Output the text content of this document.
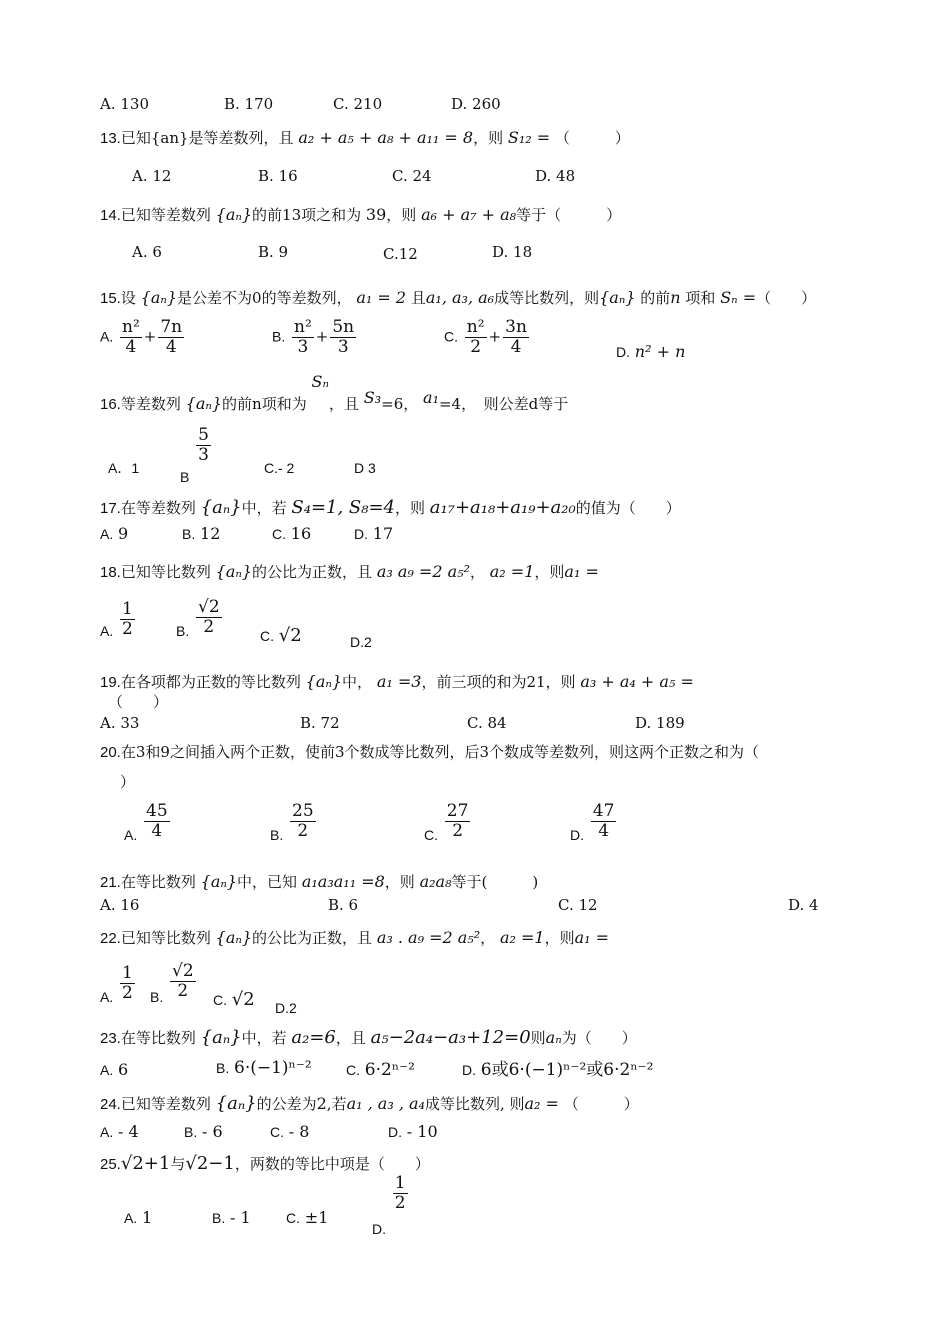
A. 130	B. 170	C. 210	D. 260
13.已知{an}是等差数列，且 a₂ + a₅ + a₈ + a₁₁ = 8，则 S₁₂ = （　　　）
A. 12	B. 16	C. 24	D. 48
14.已知等差数列 {aₙ}的前13项之和为 39，则 a₆ + a₇ + a₈等于（　　　）
A. 6	B. 9	C.12	D. 18
15.设 {aₙ}是公差不为0的等差数列， a₁ = 2 且a₁, a₃, a₆成等比数列，则{aₙ} 的前n 项和 Sₙ =（　　）
A. $\frac{\text{n²}}{4} + \frac{7n}{4}$	B. $\frac{\text{n²}}{3} + \frac{5n}{3}$	C. $\frac{\text{n²}}{2} + \frac{3n}{4}$	D. n² + n
16.等差数列 {aₙ}的前n项和为 Sₙ，且 S₃=6， a₁=4，　则公差d等于
A．1
B
$\frac{5}{3}$
C.- 2	D 3
17.在等差数列 {aₙ}中，若 S₄=1, S₈=4，则 a₁₇+a₁₈+a₁₉+a₂₀的值为（　　）
A. 9	B. 12	C. 16	D. 17
18.已知等比数列 {aₙ}的公比为正数，且 a₃ a₉ =2 a₅²， a₂ =1，则a₁ =
A. $\frac{1}{2}$	B. $\frac{√2}{2}$	C. √2	D.2
19.在各项都为正数的等比数列 {aₙ}中， a₁ =3，前三项的和为21，则 a₃ + a₄ + a₅ =
（　　）
A. 33	B. 72	C. 84	D. 189
20.在3和9之间插入两个正数，使前3个数成等比数列，后3个数成等差数列，则这两个正数之和为（
）
A. $\frac{45}{4}$	B. $\frac{25}{2}$	C. $\frac{27}{2}$	D. $\frac{47}{4}$
21.在等比数列 {aₙ}中，已知 a₁a₃a₁₁ =8，则 a₂a₈等于(　　　)
A. 16	B. 6	C. 12	D. 4
22.已知等比数列 {aₙ}的公比为正数，且 a₃ . a₉ =2 a₅²， a₂ =1，则a₁ =
A. $\frac{1}{2} B$. $\frac{√2}{2} C$. √2 D.2
23.在等比数列 {aₙ}中，若 a₂=6，且 a₅−2a₄−a₃+12=0则aₙ为（　　）
A. 6	B. 6·(−1)ⁿ⁻² C. 6·2ⁿ⁻²	D. 6或6·(−1)ⁿ⁻²或6·2ⁿ⁻²
24.已知等差数列 {aₙ}的公差为2,若a₁ , a₃ , a₄成等比数列, 则a₂ = （　　　）
A. - 4	B. - 6	C. - 8	D. - 10
25.√2+1与√2−1，两数的等比中项是（　　）
A. 1	B. - 1	C. ±1
D.
$\frac{1}{2}$
